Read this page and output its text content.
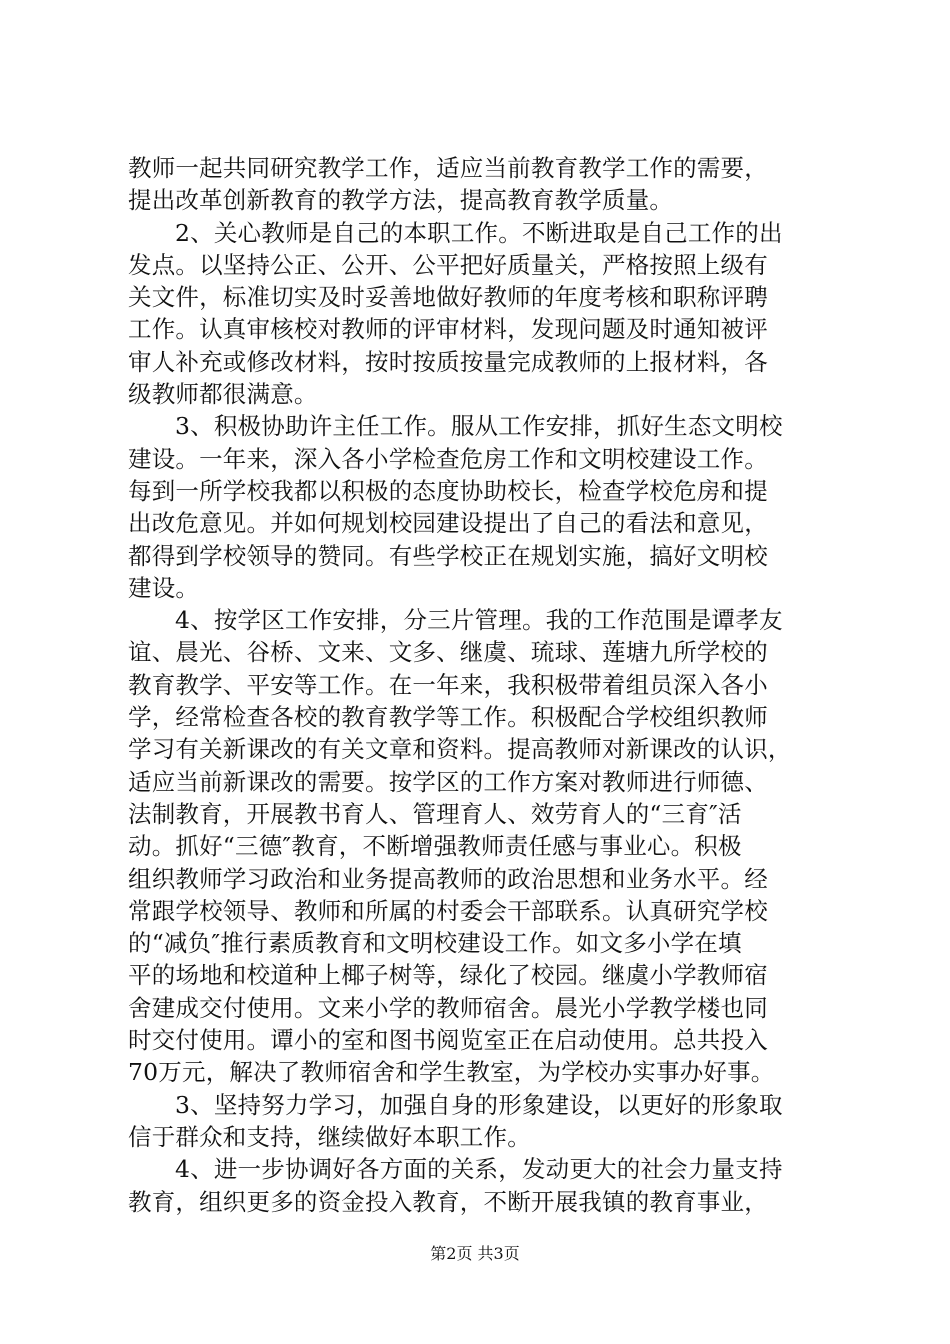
教师一起共同研究教学工作，适应当前教育教学工作的需要，
提出改革创新教育的教学方法，提高教育教学质量。
2、关心教师是自己的本职工作。不断进取是自己工作的出
发点。以坚持公正、公开、公平把好质量关，严格按照上级有
关文件，标准切实及时妥善地做好教师的年度考核和职称评聘
工作。认真审核校对教师的评审材料，发现问题及时通知被评
审人补充或修改材料，按时按质按量完成教师的上报材料，各
级教师都很满意。
3、积极协助许主任工作。服从工作安排，抓好生态文明校
建设。一年来，深入各小学检查危房工作和文明校建设工作。
每到一所学校我都以积极的态度协助校长，检查学校危房和提
出改危意见。并如何规划校园建设提出了自己的看法和意见，
都得到学校领导的赞同。有些学校正在规划实施，搞好文明校
建设。
4、按学区工作安排，分三片管理。我的工作范围是谭孝友
谊、晨光、谷桥、文来、文多、继虞、琉球、莲塘九所学校的
教育教学、平安等工作。在一年来，我积极带着组员深入各小
学，经常检查各校的教育教学等工作。积极配合学校组织教师
学习有关新课改的有关文章和资料。提高教师对新课改的认识，
适应当前新课改的需要。按学区的工作方案对教师进行师德、
法制教育，开展教书育人、管理育人、效劳育人的“三育″活
动。抓好“三德″教育，不断增强教师责任感与事业心。积极
组织教师学习政治和业务提高教师的政治思想和业务水平。经
常跟学校领导、教师和所属的村委会干部联系。认真研究学校
的“减负″推行素质教育和文明校建设工作。如文多小学在填
平的场地和校道种上椰子树等，绿化了校园。继虞小学教师宿
舍建成交付使用。文来小学的教师宿舍。晨光小学教学楼也同
时交付使用。谭小的室和图书阅览室正在启动使用。总共投入
70万元，解决了教师宿舍和学生教室，为学校办实事办好事。
3、坚持努力学习，加强自身的形象建设，以更好的形象取
信于群众和支持，继续做好本职工作。
4、进一步协调好各方面的关系，发动更大的社会力量支持
教育，组织更多的资金投入教育，不断开展我镇的教育事业，
第2页 共3页
